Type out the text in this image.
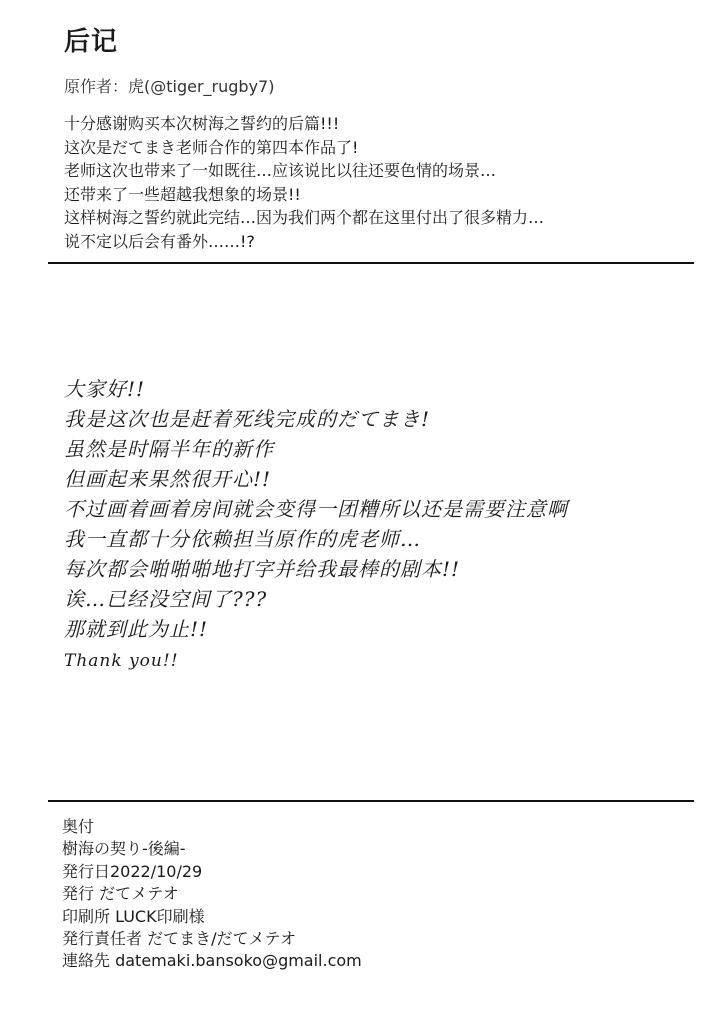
后记
原作者：虎(@tiger_rugby7)
十分感谢购买本次树海之誓约的后篇!!!
这次是だてまき老师合作的第四本作品了!
老师这次也带来了一如既往…应该说比以往还要色情的场景…
还带来了一些超越我想象的场景!!
这样树海之誓约就此完结…因为我们两个都在这里付出了很多精力…
说不定以后会有番外……!?
大家好!!
我是这次也是赶着死线完成的だてまき!
虽然是时隔半年的新作
但画起来果然很开心!!
不过画着画着房间就会变得一团糟所以还是需要注意啊
我一直都十分依赖担当原作的虎老师…
每次都会啪啪啪地打字并给我最棒的剧本!!
诶…已经没空间了???
那就到此为止!!
Thank you!!
奥付
樹海の契り-後編-
発行日2022/10/29
発行 だてメテオ
印刷所 LUCK印刷様
発行責任者 だてまき/だてメテオ
連絡先 datemaki.bansoko@gmail.com
